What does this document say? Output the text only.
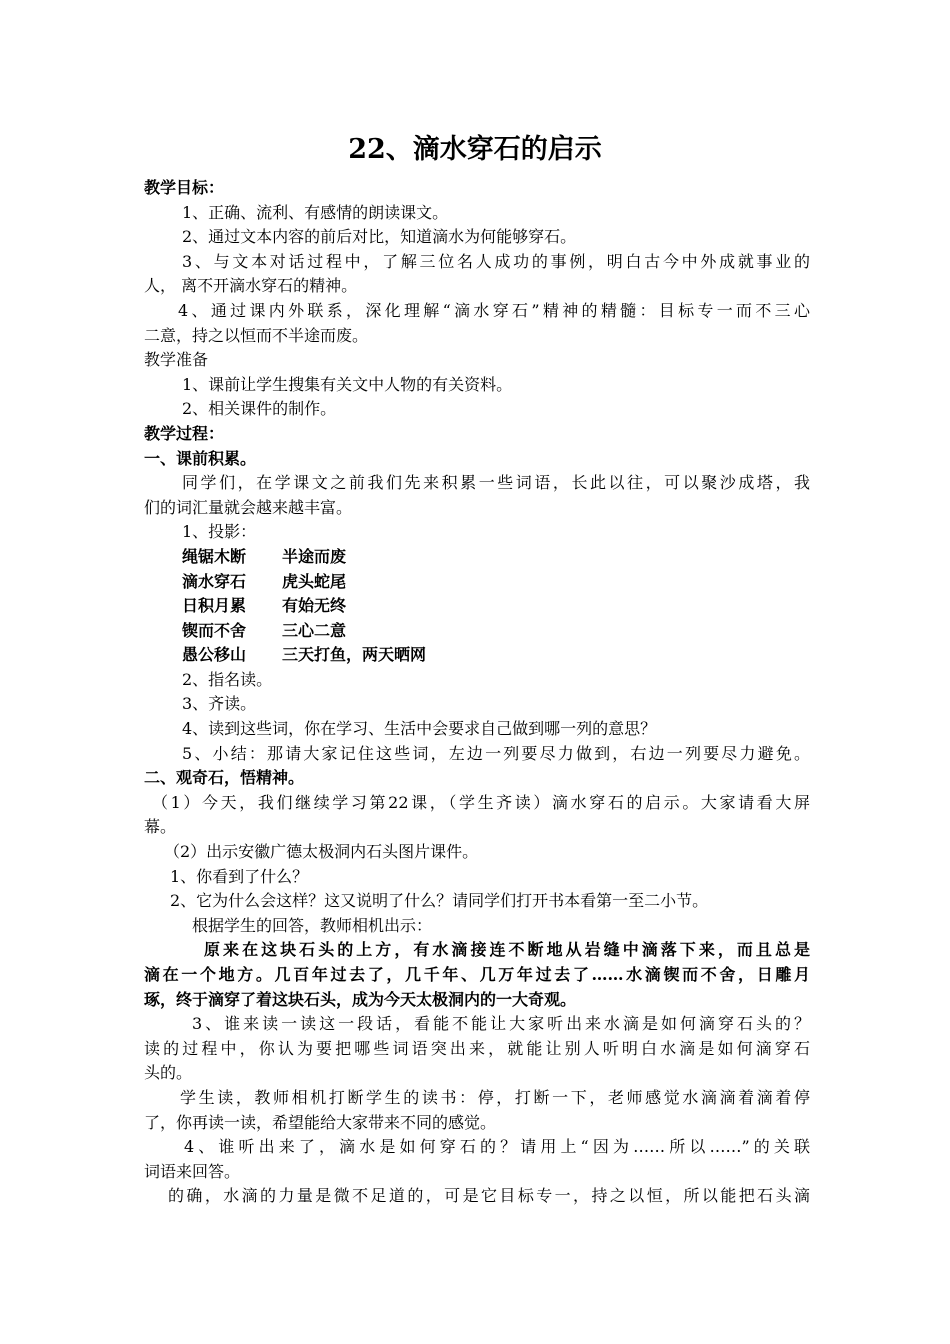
22、滴水穿石的启示
教学目标：
1、正确、流利、有感情的朗读课文。
2、通过文本内容的前后对比，知道滴水为何能够穿石。
3、与文本对话过程中，了解三位名人成功的事例，明白古今中外成就事业的
人， 离不开滴水穿石的精神。
4、通过课内外联系，深化理解“滴水穿石”精神的精髓：目标专一而不三心
二意，持之以恒而不半途而废。
教学准备
1、课前让学生搜集有关文中人物的有关资料。
2、相关课件的制作。
教学过程：
一、课前积累。
同学们，在学课文之前我们先来积累一些词语，长此以往，可以聚沙成塔，我
们的词汇量就会越来越丰富。
1、投影：
绳锯木断 半途而废
滴水穿石 虎头蛇尾
日积月累 有始无终
锲而不舍 三心二意
愚公移山 三天打鱼，两天晒网
2、指名读。
3、齐读。
4、读到这些词，你在学习、生活中会要求自己做到哪一列的意思？
5、小结：那请大家记住这些词，左边一列要尽力做到，右边一列要尽力避免。
二、观奇石，悟精神。
（1）今天，我们继续学习第22课，（学生齐读）滴水穿石的启示。大家请看大屏
幕。
（2）出示安徽广德太极洞内石头图片课件。
1、你看到了什么？
2、它为什么会这样？这又说明了什么？请同学们打开书本看第一至二小节。
根据学生的回答，教师相机出示：
原来在这块石头的上方，有水滴接连不断地从岩缝中滴落下来，而且总是
滴在一个地方。几百年过去了，几千年、几万年过去了……水滴锲而不舍，日雕月
琢，终于滴穿了着这块石头，成为今天太极洞内的一大奇观。
3、谁来读一读这一段话，看能不能让大家听出来水滴是如何滴穿石头的？
读的过程中，你认为要把哪些词语突出来，就能让别人听明白水滴是如何滴穿石
头的。
学生读，教师相机打断学生的读书：停，打断一下，老师感觉水滴滴着滴着停
了，你再读一读，希望能给大家带来不同的感觉。
4、谁听出来了，滴水是如何穿石的？请用上“因为……所以……”的关联
词语来回答。
的确，水滴的力量是微不足道的，可是它目标专一，持之以恒，所以能把石头滴
